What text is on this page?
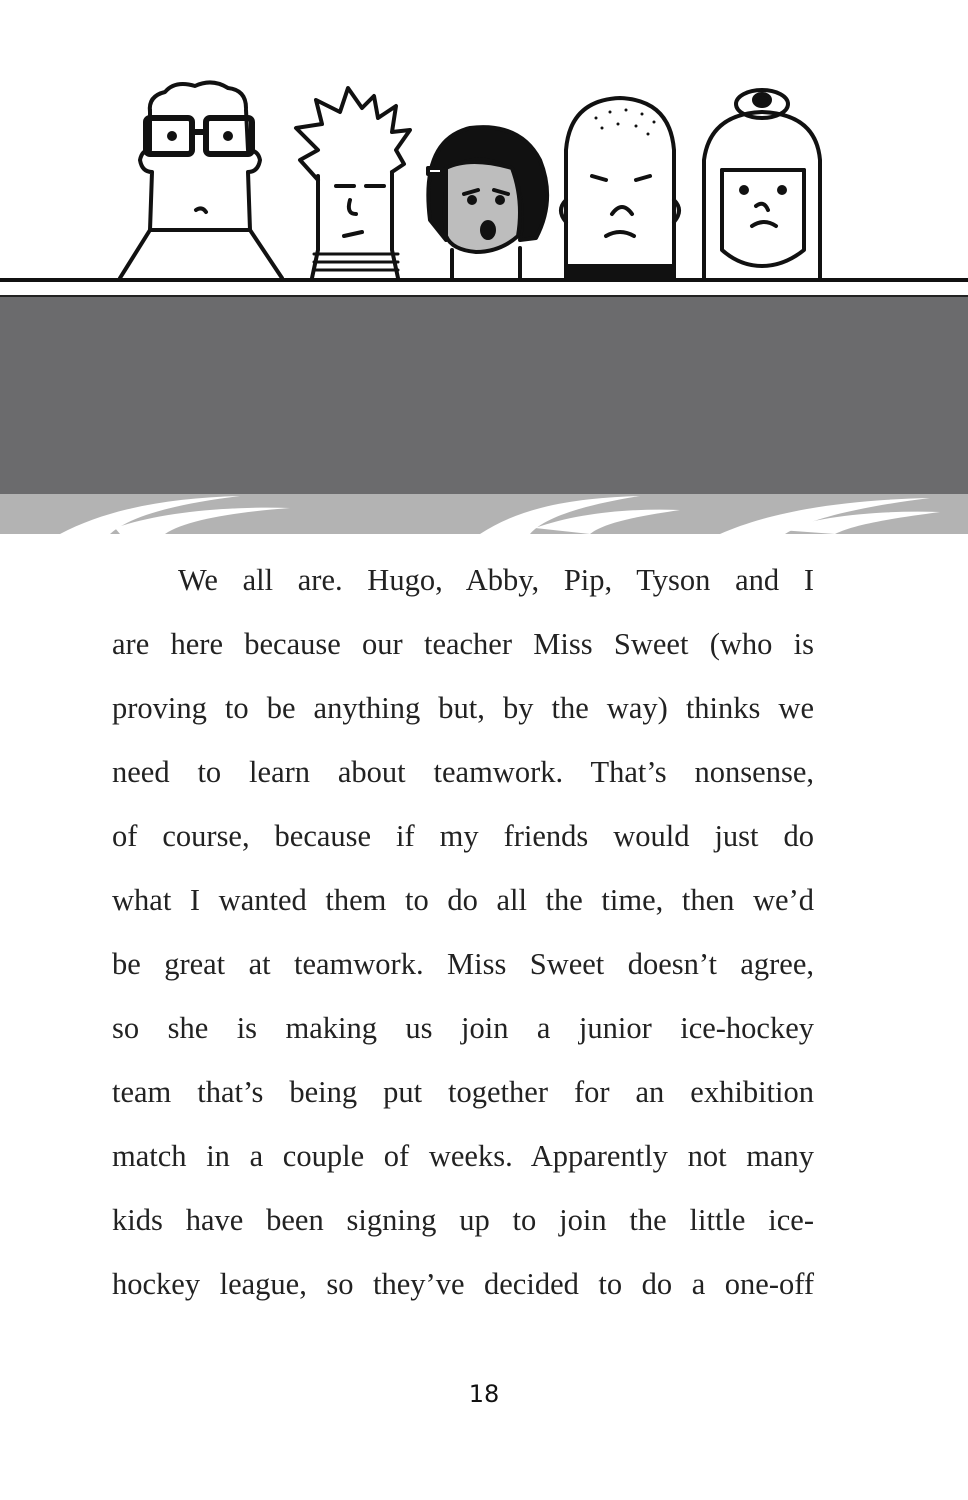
We all are. Hugo, Abby, Pip, Tyson and I
are here because our teacher Miss Sweet (who is
proving to be anything but, by the way) thinks we
need to learn about teamwork. That’s nonsense,
of course, because if my friends would just do
what I wanted them to do all the time, then we’d
be great at teamwork. Miss Sweet doesn’t agree,
so she is making us join a junior ice-hockey
team that’s being put together for an exhibition
match in a couple of weeks. Apparently not many
kids have been signing up to join the little ice-
hockey league, so they’ve decided to do a one-off
18
